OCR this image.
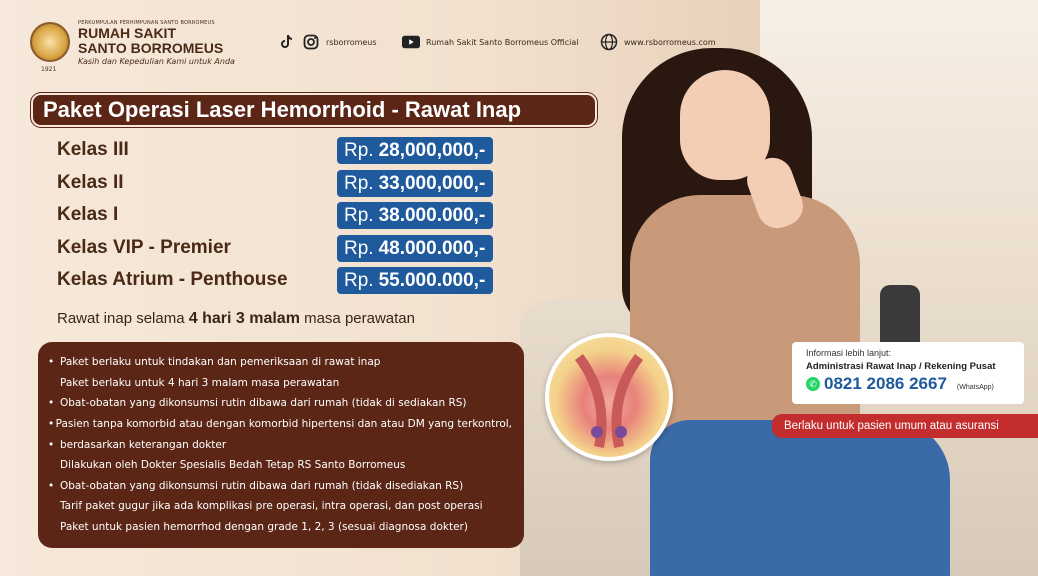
PERKUMPULAN PERHIMPUNAN SANTO BORROMEUS
RUMAH SAKIT
SANTO BORROMEUS
Kasih dan Kepedulian Kami untuk Anda
1921
rsborromeus	Rumah Sakit Santo Borromeus Official	www.rsborromeus.com
Paket Operasi Laser Hemorrhoid - Rawat Inap
Kelas III	Rp. 28,000,000,-
Kelas II	Rp. 33,000,000,-
Kelas I	Rp. 38.000.000,-
Kelas VIP - Premier	Rp. 48.000.000,-
Kelas Atrium - Penthouse	Rp. 55.000.000,-
Rawat inap selama 4 hari 3 malam masa perawatan
• Paket berlaku untuk tindakan dan pemeriksaan di rawat inap
Paket berlaku untuk 4 hari 3 malam masa perawatan
• Obat-obatan yang dikonsumsi rutin dibawa dari rumah (tidak di sediakan RS)
• Pasien tanpa komorbid atau dengan komorbid hipertensi dan atau DM yang terkontrol,
• berdasarkan keterangan dokter
Dilakukan oleh Dokter Spesialis Bedah Tetap RS Santo Borromeus
• Obat-obatan yang dikonsumsi rutin dibawa dari rumah (tidak disediakan RS)
Tarif paket gugur jika ada komplikasi pre operasi, intra operasi, dan post operasi
Paket untuk pasien hemorrhod dengan grade 1, 2, 3 (sesuai diagnosa dokter)
Informasi lebih lanjut:
Administrasi Rawat Inap / Rekening Pusat
✆ 0821 2086 2667 (WhatsApp)
Berlaku untuk pasien umum atau asuransi
